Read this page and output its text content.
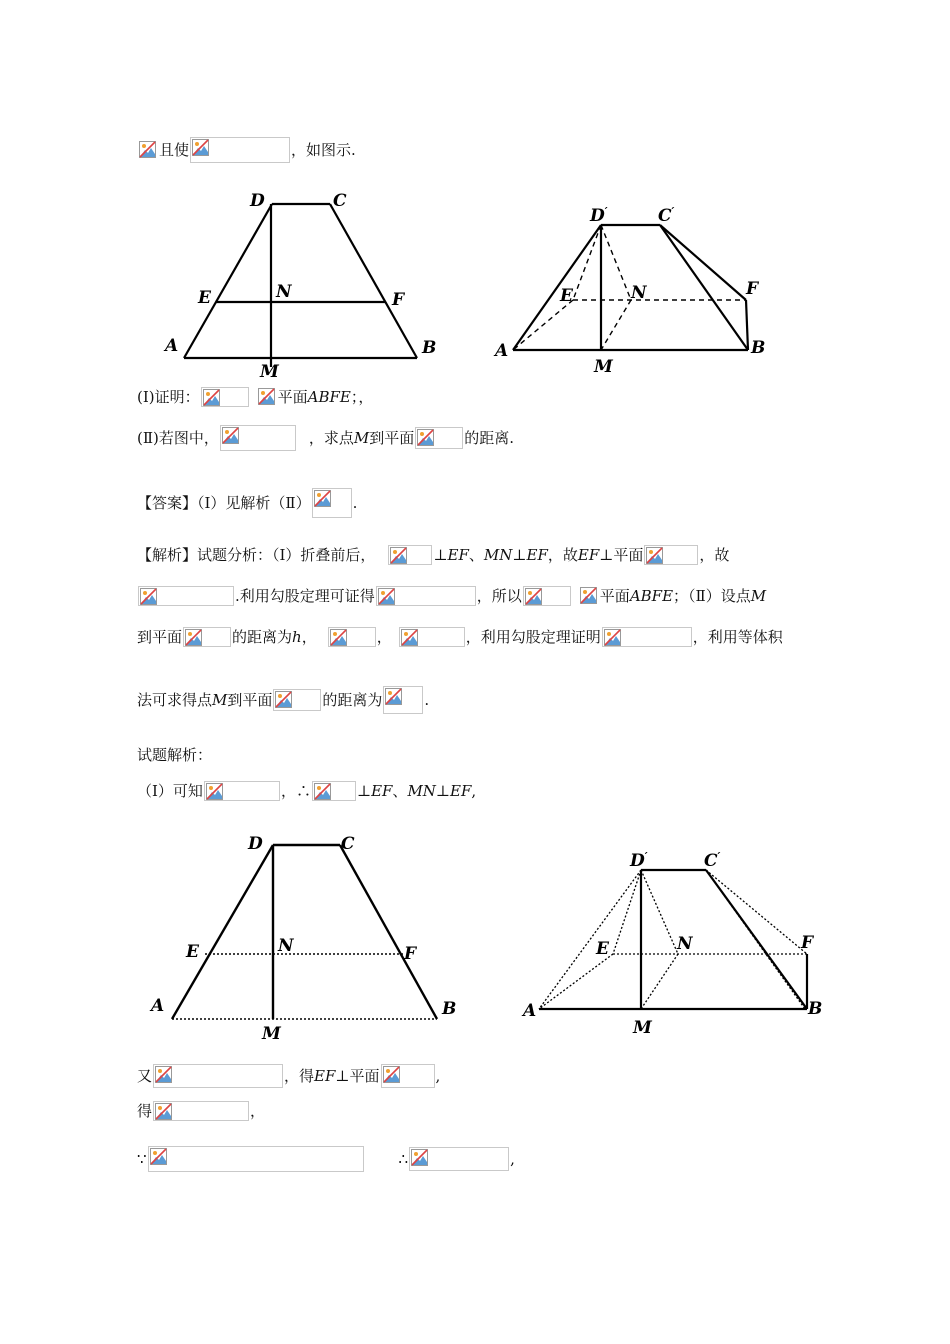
且使	，如图示.
D	C
E	N	F
A	B
M
D′	C′
E	N	F
A	B
M
(Ⅰ)证明：	平面ABFE；，
(Ⅱ)若图中，	，求点M到平面	的距离.
【答案】（Ⅰ）见解析（Ⅱ）	.
【解析】试题分析：（Ⅰ）折叠前后，	⊥EF、MN⊥EF，故EF⊥平面	，故
.利用勾股定理可证得	，所以	平面ABFE；（Ⅱ）设点M
到平面	的距离为h，	，	，利用勾股定理证明	，利用等体积
法可求得点M到平面	的距离为	.
试题解析：
（Ⅰ）可知	，∴	⊥EF、MN⊥EF,
D	C
E	N	F
A	B
M
D′	C′
E	N	F
A	B
M
又	，得EF⊥平面	,
得	，
∵	∴	,
